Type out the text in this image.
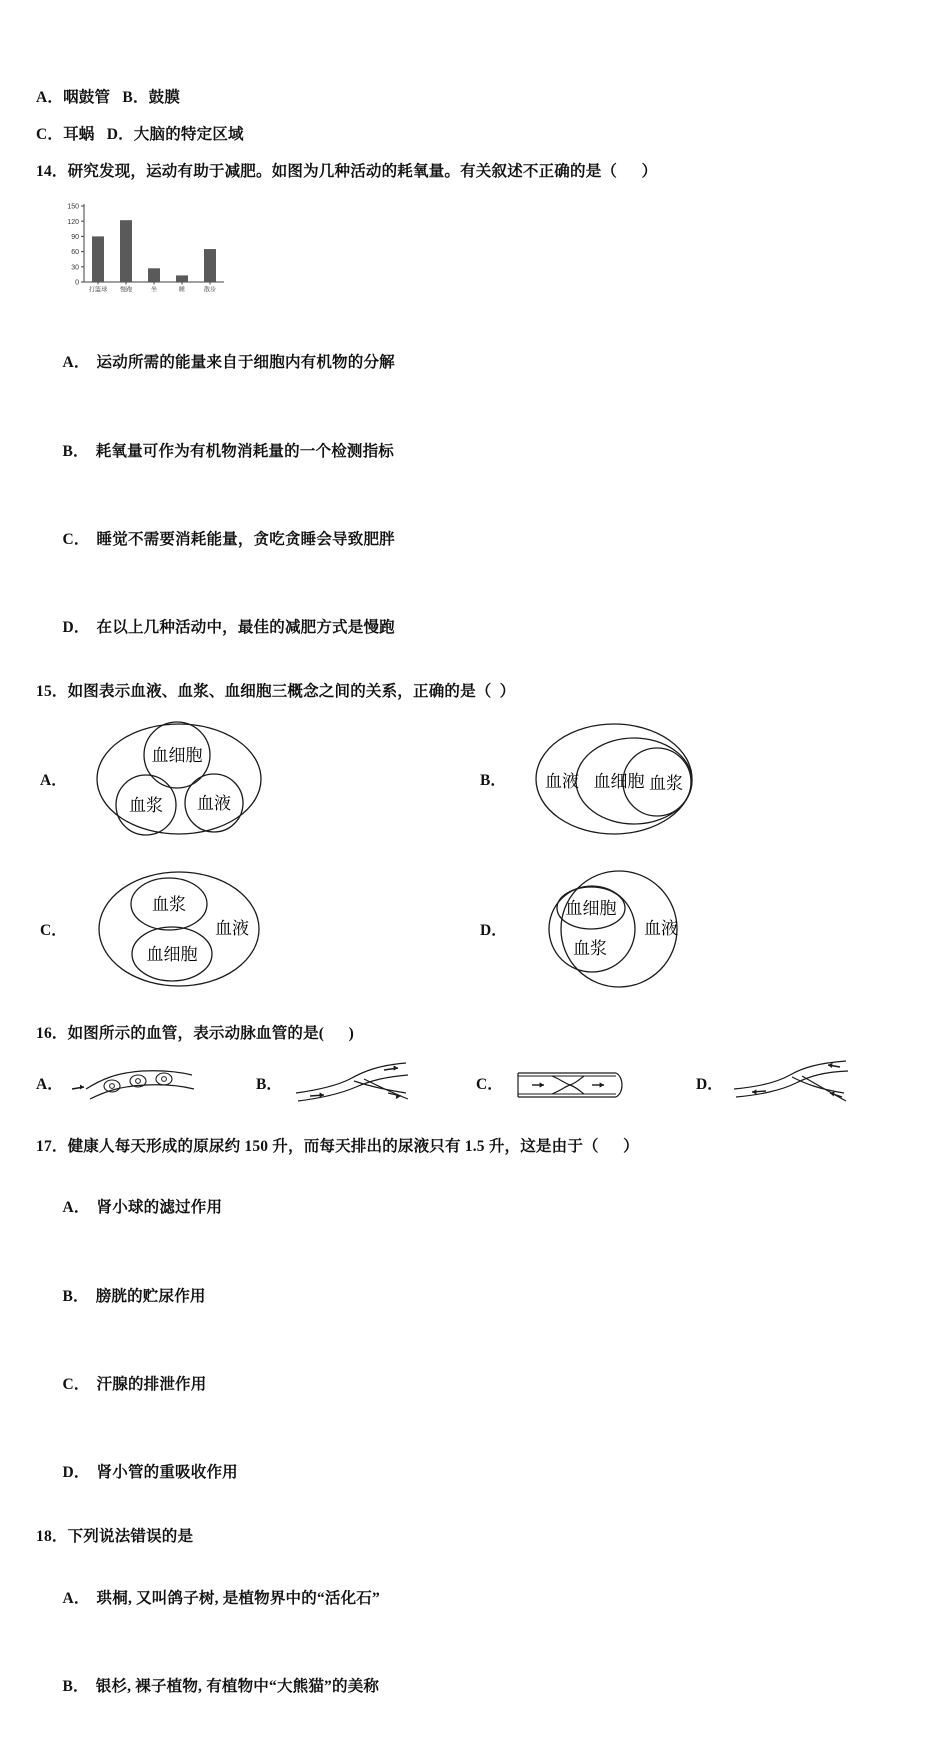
A．咽鼓管   B．鼓膜

C．耳蜗   D．大脑的特定区域

14．研究发现，运动有助于减肥。如图为几种活动的耗氧量。有关叙述不正确的是（      ）

0
30
60
90
120
150
打篮球 慢跑	坐	睡	散步

A． 运动所需的能量来自于细胞内有机物的分解

B． 耗氧量可作为有机物消耗量的一个检测指标

C． 睡觉不需要消耗能量，贪吃贪睡会导致肥胖

D． 在以上几种活动中，最佳的减肥方式是慢跑

15．如图表示血液、血浆、血细胞三概念之间的关系，正确的是（  ）

A．
血细胞
血浆 血液
B．	血液 血细胞 血浆
C．
血浆
血细胞
血液	D．
血细胞
血浆
血液

16．如图所示的血管，表示动脉血管的是(      )

A．	B．	C．	D．

17．健康人每天形成的原尿约 150 升，而每天排出的尿液只有 1.5 升，这是由于（      ）

A． 肾小球的滤过作用

B． 膀胱的贮尿作用

C． 汗腺的排泄作用

D． 肾小管的重吸收作用

18．下列说法错误的是

A． 珙桐, 又叫鸽子树, 是植物界中的“活化石”

B． 银杉, 裸子植物, 有植物中“大熊猫”的美称
